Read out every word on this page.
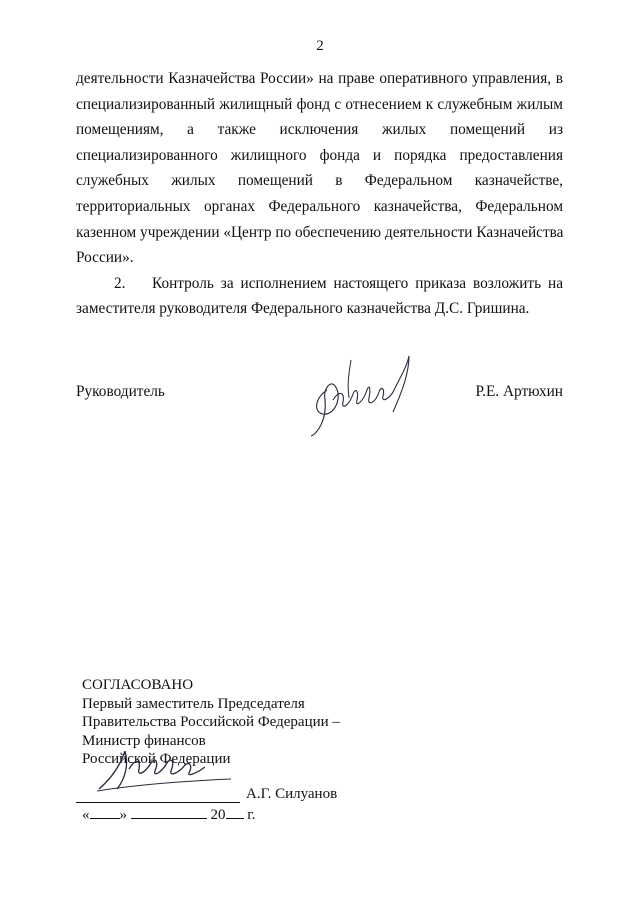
2
деятельности Казначейства России» на праве оперативного управления, в
специализированный жилищный фонд с отнесением к служебным жилым
помещениям, а также исключения жилых помещений из
специализированного жилищного фонда и порядка предоставления
служебных жилых помещений в Федеральном казначействе,
территориальных органах Федерального казначейства, Федеральном
казенном учреждении «Центр по обеспечению деятельности Казначейства
России».
2. Контроль за исполнением настоящего приказа возложить на
заместителя руководителя Федерального казначейства Д.С. Гришина.
Руководитель	Р.Е. Артюхин
СОГЛАСОВАНО
Первый заместитель Председателя
Правительства Российской Федерации –
Министр финансов
Российской Федерации
А.Г. Силуанов
« »	20 г.
